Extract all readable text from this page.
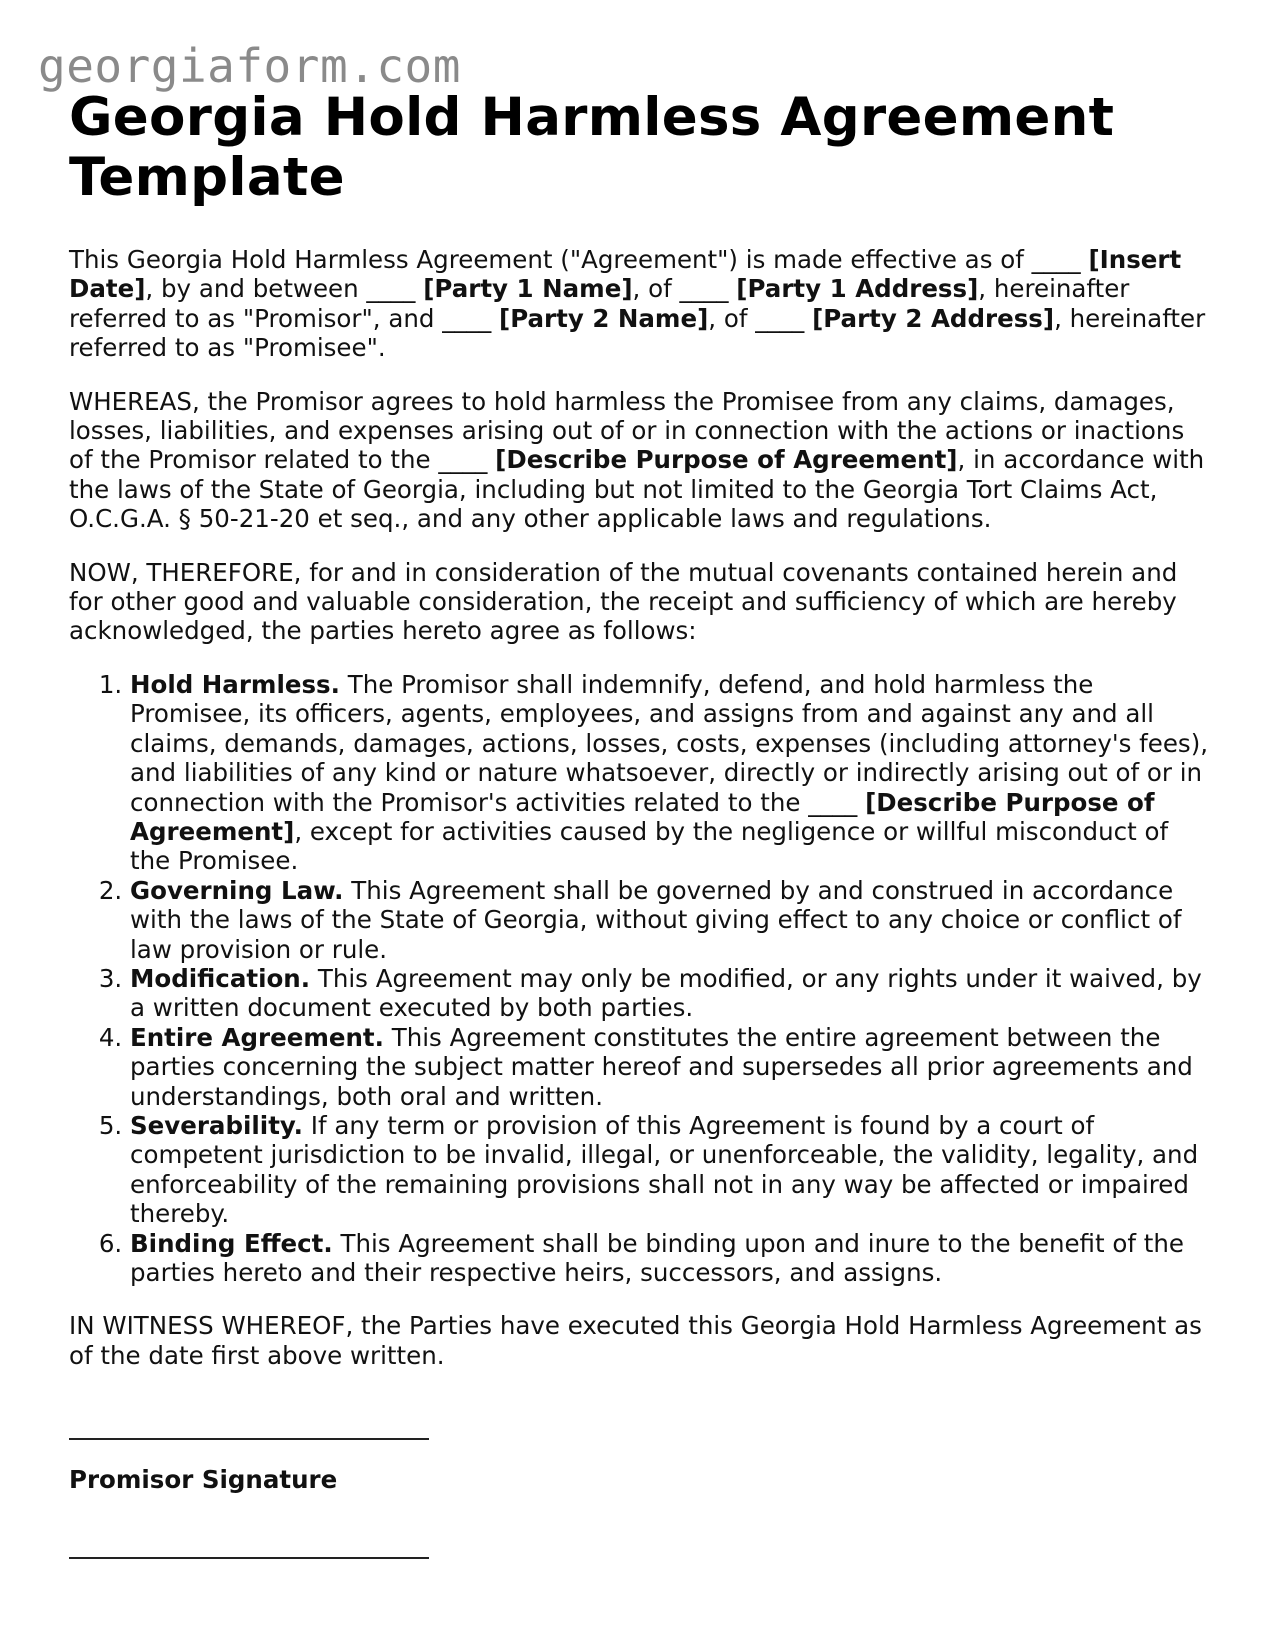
georgiaform.com
Georgia Hold Harmless Agreement Template

This Georgia Hold Harmless Agreement ("Agreement") is made effective as of ____ [Insert Date], by and between ____ [Party 1 Name], of ____ [Party 1 Address], hereinafter referred to as "Promisor", and ____ [Party 2 Name], of ____ [Party 2 Address], hereinafter referred to as "Promisee".

WHEREAS, the Promisor agrees to hold harmless the Promisee from any claims, damages, losses, liabilities, and expenses arising out of or in connection with the actions or inactions of the Promisor related to the ____ [Describe Purpose of Agreement], in accordance with the laws of the State of Georgia, including but not limited to the Georgia Tort Claims Act, O.C.G.A. § 50-21-20 et seq., and any other applicable laws and regulations.

NOW, THEREFORE, for and in consideration of the mutual covenants contained herein and for other good and valuable consideration, the receipt and sufficiency of which are hereby acknowledged, the parties hereto agree as follows:

1. Hold Harmless. The Promisor shall indemnify, defend, and hold harmless the Promisee, its officers, agents, employees, and assigns from and against any and all claims, demands, damages, actions, losses, costs, expenses (including attorney's fees), and liabilities of any kind or nature whatsoever, directly or indirectly arising out of or in connection with the Promisor's activities related to the ____ [Describe Purpose of Agreement], except for activities caused by the negligence or willful misconduct of the Promisee.
2. Governing Law. This Agreement shall be governed by and construed in accordance with the laws of the State of Georgia, without giving effect to any choice or conflict of law provision or rule.
3. Modification. This Agreement may only be modified, or any rights under it waived, by a written document executed by both parties.
4. Entire Agreement. This Agreement constitutes the entire agreement between the parties concerning the subject matter hereof and supersedes all prior agreements and understandings, both oral and written.
5. Severability. If any term or provision of this Agreement is found by a court of competent jurisdiction to be invalid, illegal, or unenforceable, the validity, legality, and enforceability of the remaining provisions shall not in any way be affected or impaired thereby.
6. Binding Effect. This Agreement shall be binding upon and inure to the benefit of the parties hereto and their respective heirs, successors, and assigns.

IN WITNESS WHEREOF, the Parties have executed this Georgia Hold Harmless Agreement as of the date first above written.

Promisor Signature
